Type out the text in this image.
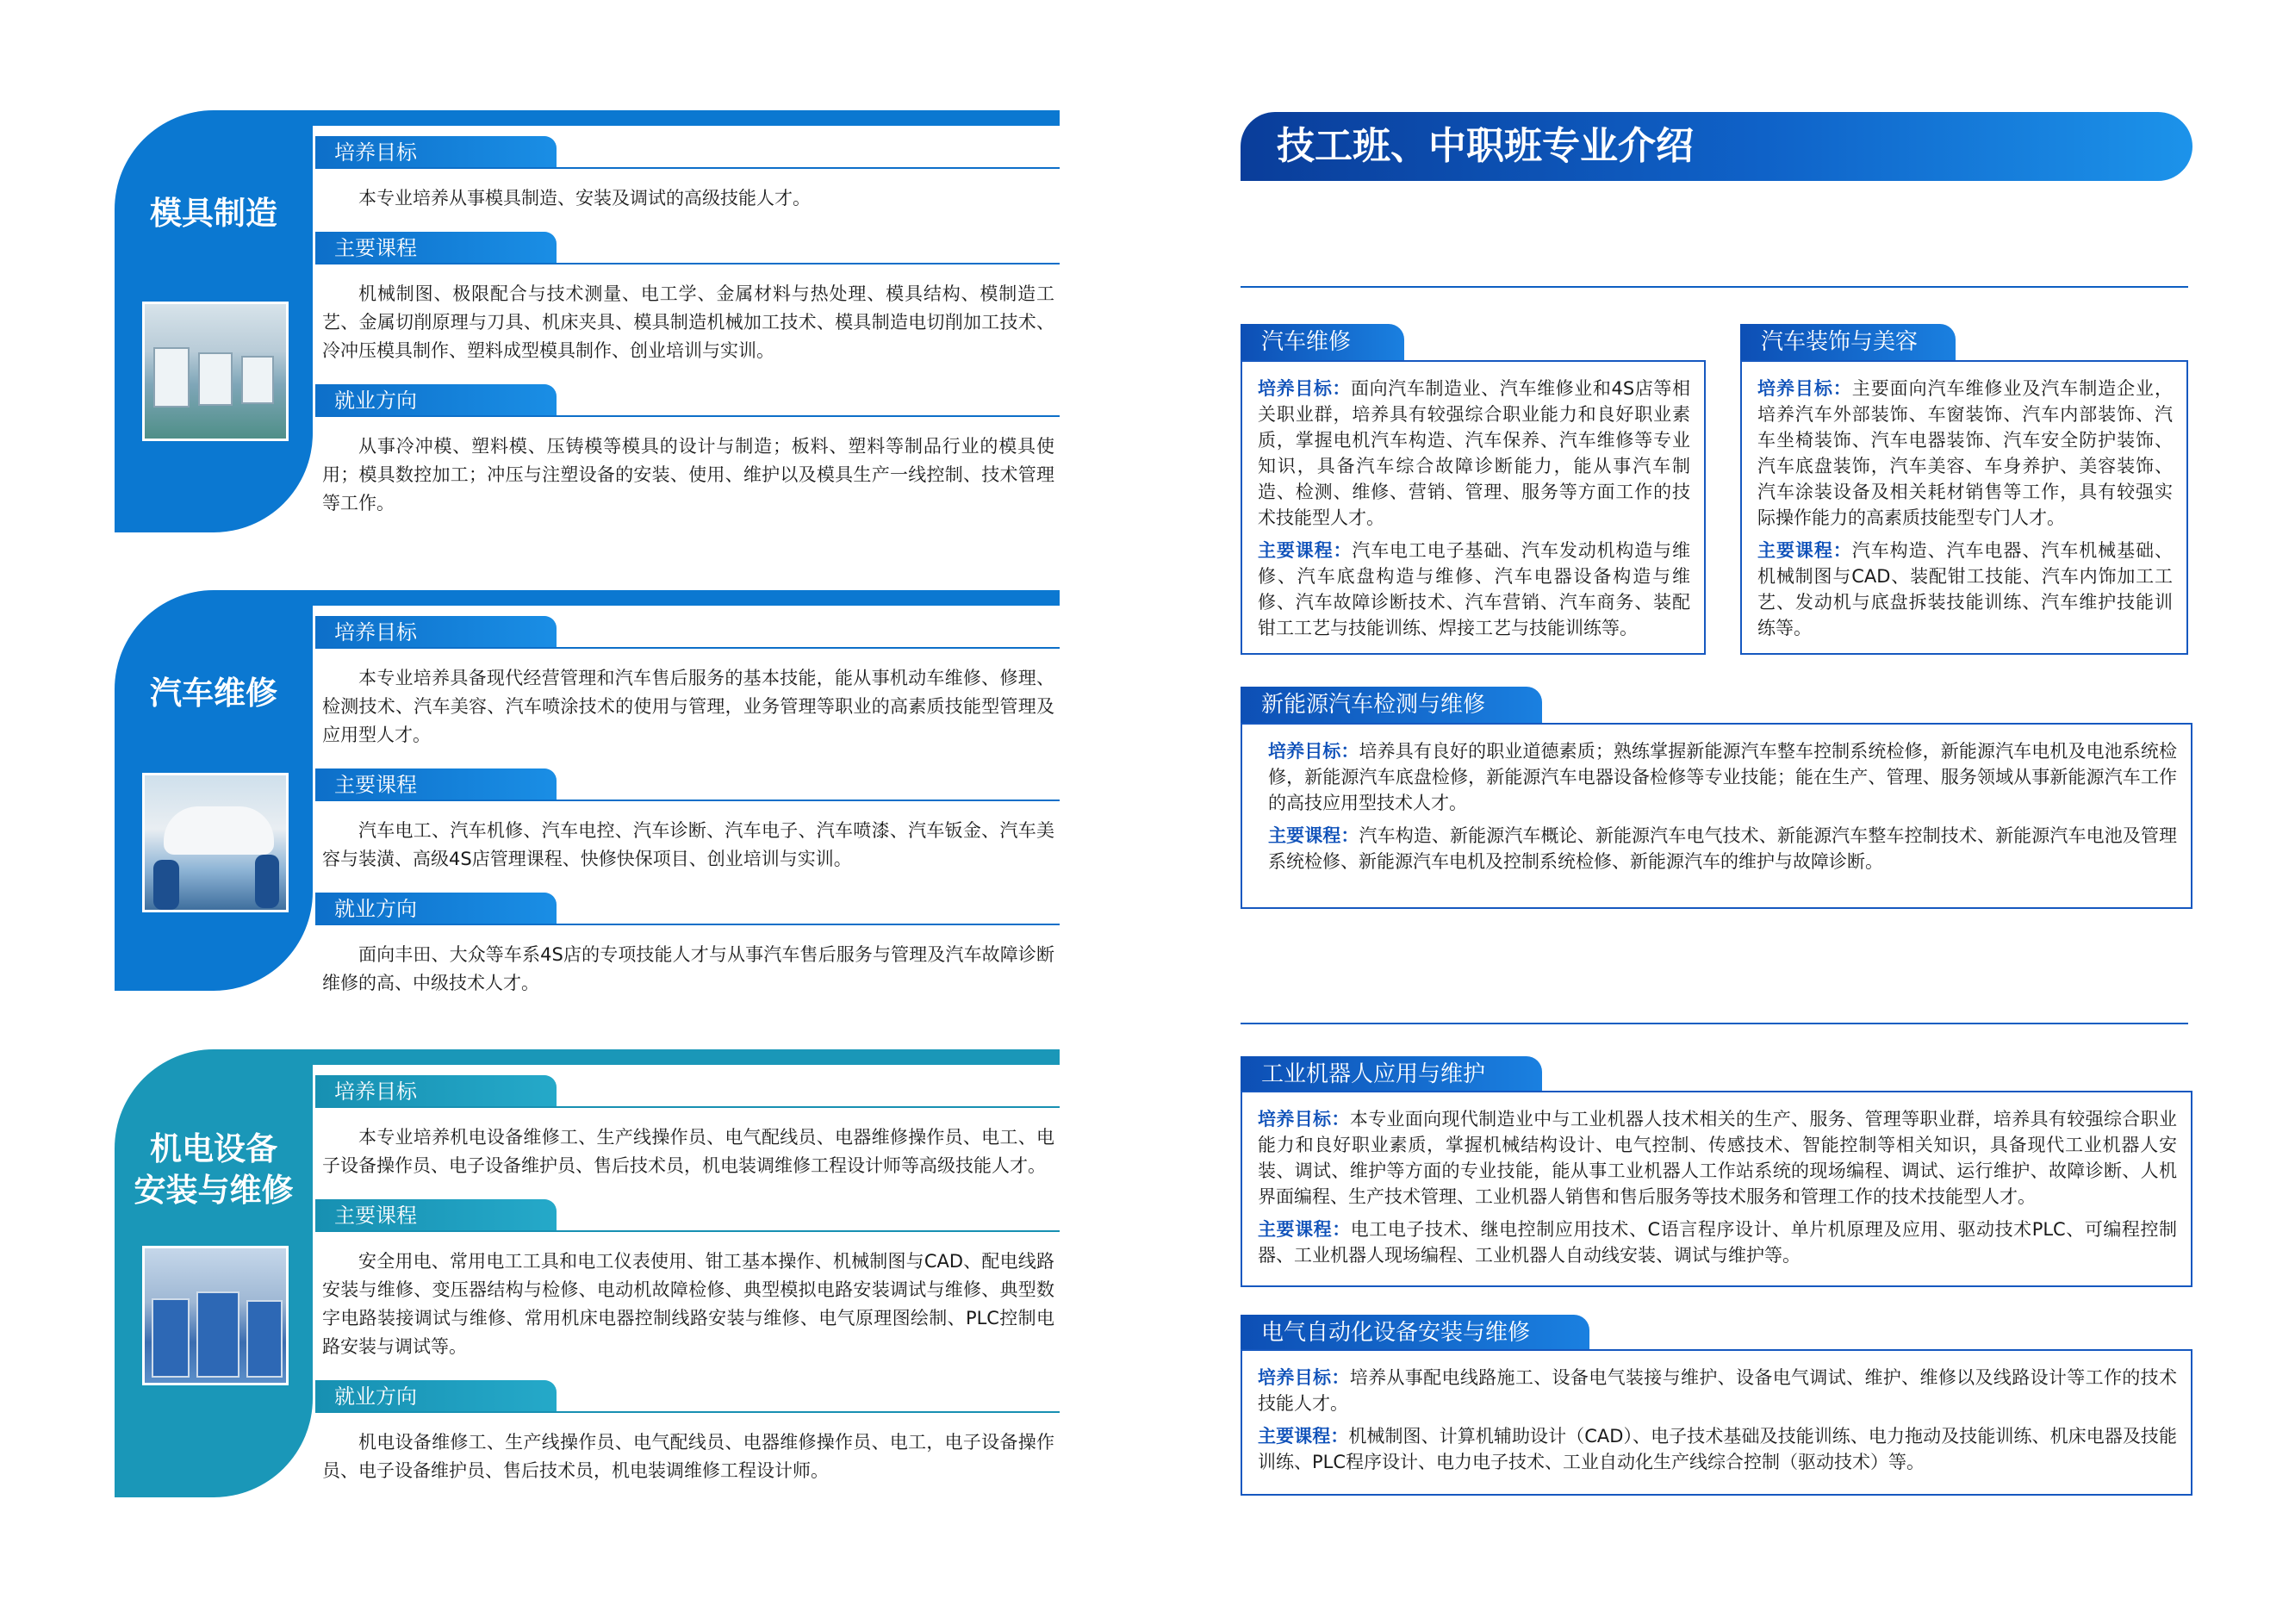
模具制造
培养目标

本专业培养从事模具制造、安装及调试的高级技能人才。

主要课程

机械制图、极限配合与技术测量、电工学、金属材料与热处理、模具结构、模制造工艺、金属切削原理与刀具、机床夹具、模具制造机械加工技术、模具制造电切削加工技术、冷冲压模具制作、塑料成型模具制作、创业培训与实训。

就业方向

从事冷冲模、塑料模、压铸模等模具的设计与制造；板料、塑料等制品行业的模具使用；模具数控加工；冲压与注塑设备的安装、使用、维护以及模具生产一线控制、技术管理等工作。

汽车维修
培养目标

本专业培养具备现代经营管理和汽车售后服务的基本技能，能从事机动车维修、修理、检测技术、汽车美容、汽车喷涂技术的使用与管理，业务管理等职业的高素质技能型管理及应用型人才。

主要课程

汽车电工、汽车机修、汽车电控、汽车诊断、汽车电子、汽车喷漆、汽车钣金、汽车美容与装潢、高级4S店管理课程、快修快保项目、创业培训与实训。

就业方向

面向丰田、大众等车系4S店的专项技能人才与从事汽车售后服务与管理及汽车故障诊断维修的高、中级技术人才。

机电设备
安装与维修
培养目标

本专业培养机电设备维修工、生产线操作员、电气配线员、电器维修操作员、电工、电子设备操作员、电子设备维护员、售后技术员，机电装调维修工程设计师等高级技能人才。

主要课程

安全用电、常用电工工具和电工仪表使用、钳工基本操作、机械制图与CAD、配电线路安装与维修、变压器结构与检修、电动机故障检修、典型模拟电路安装调试与维修、典型数字电路装接调试与维修、常用机床电器控制线路安装与维修、电气原理图绘制、PLC控制电路安装与调试等。

就业方向

机电设备维修工、生产线操作员、电气配线员、电器维修操作员、电工，电子设备操作员、电子设备维护员、售后技术员，机电装调维修工程设计师。

技工班、中职班专业介绍
汽车维修

培养目标：面向汽车制造业、汽车维修业和4S店等相关职业群，培养具有较强综合职业能力和良好职业素质，掌握电机汽车构造、汽车保养、汽车维修等专业知识，具备汽车综合故障诊断能力，能从事汽车制造、检测、维修、营销、管理、服务等方面工作的技术技能型人才。

主要课程：汽车电工电子基础、汽车发动机构造与维修、汽车底盘构造与维修、汽车电器设备构造与维修、汽车故障诊断技术、汽车营销、汽车商务、装配钳工工艺与技能训练、焊接工艺与技能训练等。

汽车装饰与美容

培养目标：主要面向汽车维修业及汽车制造企业，培养汽车外部装饰、车窗装饰、汽车内部装饰、汽车坐椅装饰、汽车电器装饰、汽车安全防护装饰、汽车底盘装饰，汽车美容、车身养护、美容装饰、汽车涂装设备及相关耗材销售等工作，具有较强实际操作能力的高素质技能型专门人才。

主要课程：汽车构造、汽车电器、汽车机械基础、机械制图与CAD、装配钳工技能、汽车内饰加工工艺、发动机与底盘拆装技能训练、汽车维护技能训练等。

新能源汽车检测与维修

培养目标：培养具有良好的职业道德素质；熟练掌握新能源汽车整车控制系统检修，新能源汽车电机及电池系统检修，新能源汽车底盘检修，新能源汽车电器设备检修等专业技能；能在生产、管理、服务领域从事新能源汽车工作的高技应用型技术人才。

主要课程：汽车构造、新能源汽车概论、新能源汽车电气技术、新能源汽车整车控制技术、新能源汽车电池及管理系统检修、新能源汽车电机及控制系统检修、新能源汽车的维护与故障诊断。

工业机器人应用与维护

培养目标：本专业面向现代制造业中与工业机器人技术相关的生产、服务、管理等职业群，培养具有较强综合职业能力和良好职业素质，掌握机械结构设计、电气控制、传感技术、智能控制等相关知识，具备现代工业机器人安装、调试、维护等方面的专业技能，能从事工业机器人工作站系统的现场编程、调试、运行维护、故障诊断、人机界面编程、生产技术管理、工业机器人销售和售后服务等技术服务和管理工作的技术技能型人才。

主要课程：电工电子技术、继电控制应用技术、C语言程序设计、单片机原理及应用、驱动技术PLC、可编程控制器、工业机器人现场编程、工业机器人自动线安装、调试与维护等。

电气自动化设备安装与维修

培养目标：培养从事配电线路施工、设备电气装接与维护、设备电气调试、维护、维修以及线路设计等工作的技术技能人才。

主要课程：机械制图、计算机辅助设计（CAD）、电子技术基础及技能训练、电力拖动及技能训练、机床电器及技能训练、PLC程序设计、电力电子技术、工业自动化生产线综合控制（驱动技术）等。
